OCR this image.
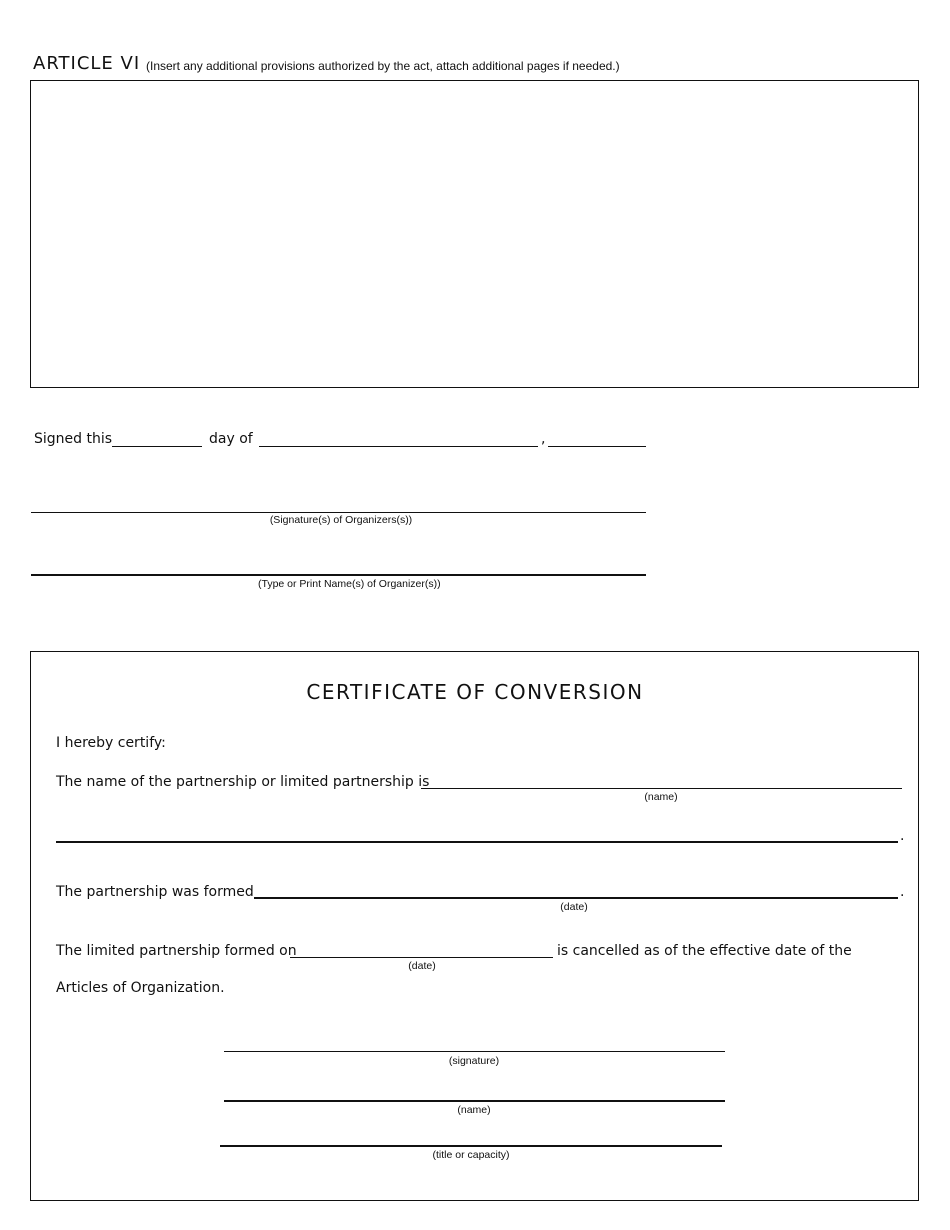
ARTICLE VI (Insert any additional provisions authorized by the act, attach additional pages if needed.)
Signed this	day of	,
(Signature(s) of Organizers(s))
(Type or Print Name(s) of Organizer(s))
CERTIFICATE OF CONVERSION
I hereby certify:
The name of the partnership or limited partnership is
(name)
.
The partnership was formed	.
(date)
The limited partnership formed on	is cancelled as of the effective date of the
(date)
Articles of Organization.
(signature)
(name)
(title or capacity)
